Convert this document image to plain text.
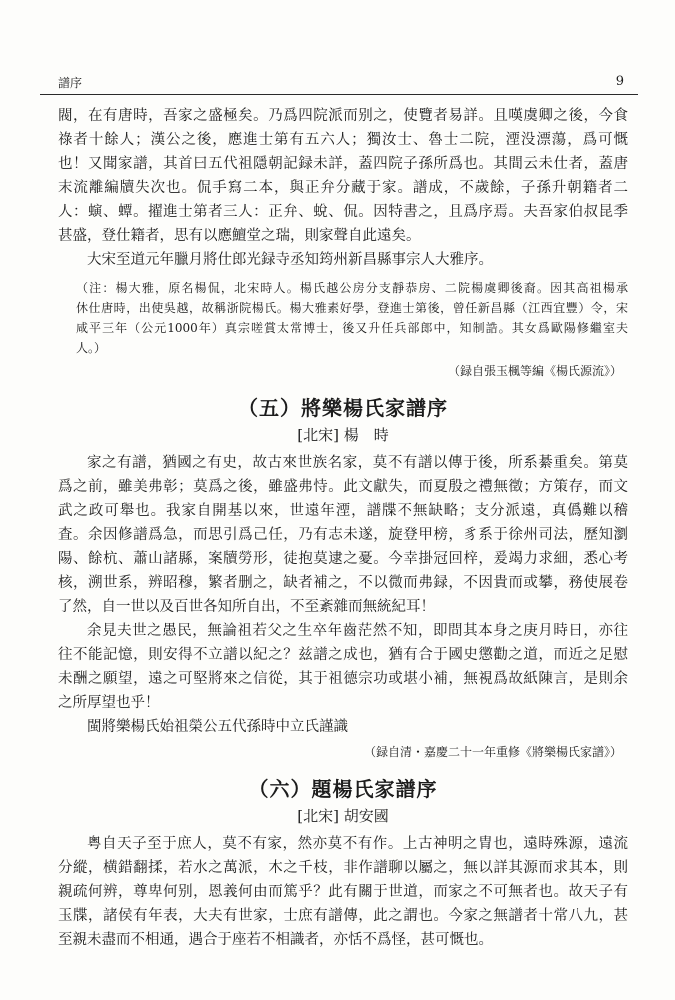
譜序	9
閥，在有唐時，吾家之盛極矣。乃爲四院派而别之，使覽者易詳。且嘆虞卿之後，今食
祿者十餘人；漢公之後，應進士第有五六人；獨汝士、魯士二院，湮没漂蕩，爲可慨
也！又聞家譜，其首曰五代祖隱朝記録未詳，蓋四院子孫所爲也。其間云未仕者，蓋唐
末流離編牘失次也。侃手寫二本，與正弁分藏于家。譜成，不歲餘，子孫升朝籍者二
人：螾、蟫。擢進士第者三人：正弁、蛻、侃。因特書之，且爲序焉。夫吾家伯叔昆季
甚盛，登仕籍者，思有以應鱣堂之瑞，則家聲自此遠矣。
大宋至道元年臘月將仕郎光録寺丞知筠州新昌縣事宗人大雅序。
（注：楊大雅，原名楊侃，北宋時人。楊氏越公房分支靜恭房、二院楊虞卿後裔。因其高祖楊承
休仕唐時，出使吳越，故稱浙院楊氏。楊大雅素好學，登進士第後，曾任新昌縣（江西宜豐）令，宋
咸平三年（公元1000年）真宗嗟賞太常博士，後又升任兵部郎中，知制誥。其女爲歐陽修繼室夫
人。）
（録自張玉楓等編《楊氏源流》）
（五）將樂楊氏家譜序
[北宋] 楊　時
家之有譜，猶國之有史，故古來世族名家，莫不有譜以傳于後，所系綦重矣。第莫
爲之前，雖美弗彰；莫爲之後，雖盛弗恃。此文獻失，而夏殷之禮無徵；方策存，而文
武之政可舉也。我家自開基以來，世遠年湮，譜牒不無缺略；支分派遠，真僞難以稽
査。余因修譜爲急，而思引爲己任，乃有志未遂，旋登甲榜，豸系于徐州司法，歷知瀏
陽、餘杭、蕭山諸縣，案牘勞形，徒抱莫逮之憂。今幸掛冠回梓，爰竭力求細，悉心考
核，溯世系，辨昭穆，繁者删之，缺者補之，不以微而弗録，不因貴而或攀，務使展卷
了然，自一世以及百世各知所自出，不至紊雜而無統紀耳！
余見夫世之愚民，無論祖若父之生卒年齒茫然不知，即問其本身之庚月時日，亦往
往不能記憶，則安得不立譜以紀之？兹譜之成也，猶有合于國史懲勸之道，而近之足慰
未酬之願望，遠之可堅將來之信從，其于祖德宗功或堪小補，無視爲故紙陳言，是則余
之所厚望也乎！
閩將樂楊氏始祖榮公五代孫時中立氏謹識
（録自清・嘉慶二十一年重修《將樂楊氏家譜》）
（六）題楊氏家譜序
[北宋] 胡安國
粤自天子至于庶人，莫不有家，然亦莫不有作。上古神明之胄也，遠時殊源，遠流
分縱，横錯翻揉，若水之萬派，木之千枝，非作譜聊以屬之，無以詳其源而求其本，則
親疏何辨，尊卑何别，恩義何由而篤乎？此有關于世道，而家之不可無者也。故天子有
玉牒，諸侯有年表，大夫有世家，士庶有譜傳，此之謂也。今家之無譜者十常八九，甚
至親未盡而不相通，遇合于座若不相識者，亦恬不爲怪，甚可慨也。
